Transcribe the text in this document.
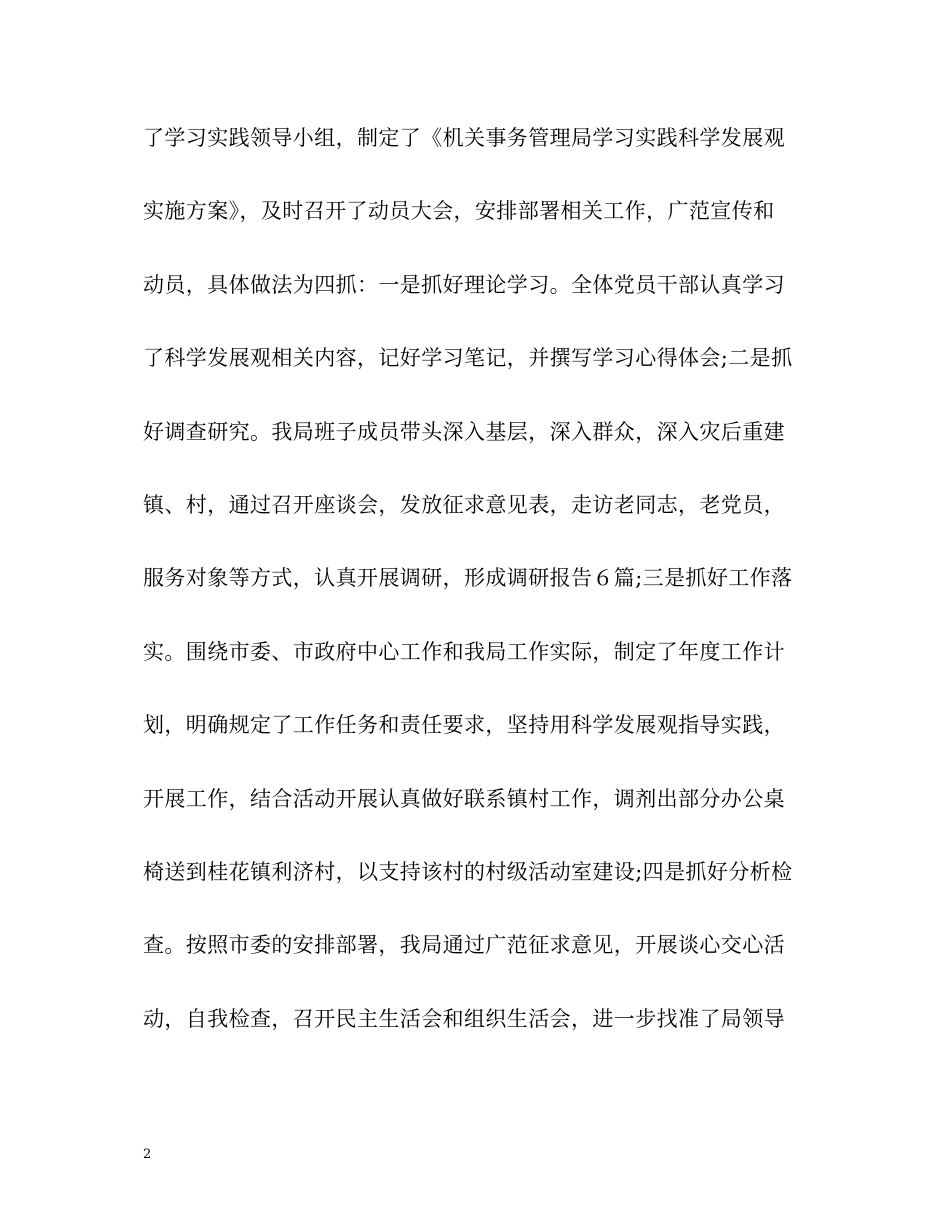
了学习实践领导小组，制定了《机关事务管理局学习实践科学发展观
实施方案》，及时召开了动员大会，安排部署相关工作，广范宣传和
动员，具体做法为四抓：一是抓好理论学习。全体党员干部认真学习
了科学发展观相关内容，记好学习笔记，并撰写学习心得体会;二是抓
好调查研究。我局班子成员带头深入基层，深入群众，深入灾后重建
镇、村，通过召开座谈会，发放征求意见表，走访老同志，老党员，
服务对象等方式，认真开展调研，形成调研报告６篇;三是抓好工作落
实。围绕市委、市政府中心工作和我局工作实际，制定了年度工作计
划，明确规定了工作任务和责任要求，坚持用科学发展观指导实践，
开展工作，结合活动开展认真做好联系镇村工作，调剂出部分办公桌
椅送到桂花镇利济村，以支持该村的村级活动室建设;四是抓好分析检
查。按照市委的安排部署，我局通过广范征求意见，开展谈心交心活
动，自我检查，召开民主生活会和组织生活会，进一步找准了局领导
2
